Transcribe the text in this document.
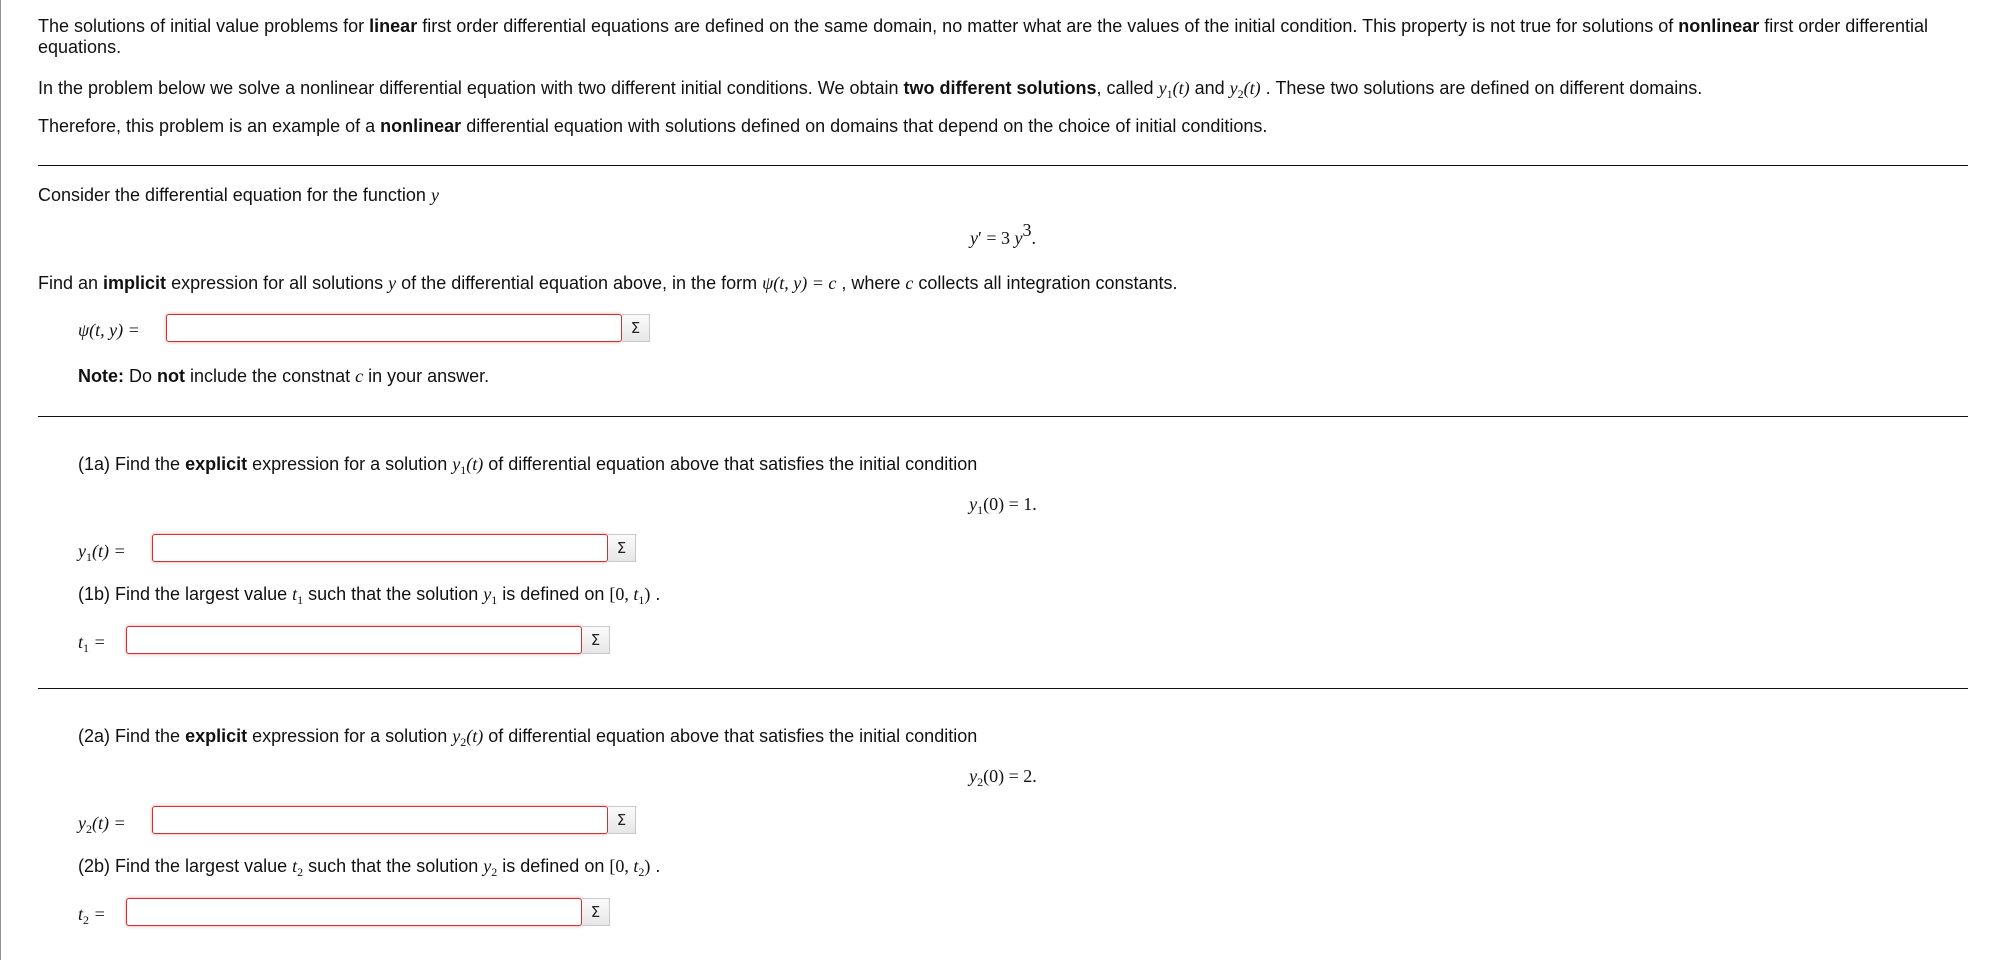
The solutions of initial value problems for linear first order differential equations are defined on the same domain, no matter what are the values of the initial condition. This property is not true for solutions of nonlinear first order differential equations.

In the problem below we solve a nonlinear differential equation with two different initial conditions. We obtain two different solutions, called $y_1(t)$ and $y_2(t)$ . These two solutions are defined on different domains.

Therefore, this problem is an example of a nonlinear differential equation with solutions defined on domains that depend on the choice of initial conditions.

Consider the differential equation for the function y

y′ = 3 $y^3$.

Find an implicit expression for all solutions y of the differential equation above, in the form ψ(t, y) = c , where c collects all integration constants.

ψ(t, y) =	Σ

Note: Do not include the constnat c in your answer.

(1a) Find the explicit expression for a solution $y_1(t)$ of differential equation above that satisfies the initial condition

$y_1(0) = 1$.
$y_1(t)$ =	Σ

(1b) Find the largest value $t_1$ such that the solution $y_1$ is defined on [0, $t_1$) .

$t_1$ =	Σ

(2a) Find the explicit expression for a solution $y_2(t)$ of differential equation above that satisfies the initial condition

$y_2(0) = 2$.
$y_2(t)$ =	Σ

(2b) Find the largest value $t_2$ such that the solution $y_2$ is defined on [0, $t_2$) .

$t_2$ =	Σ
